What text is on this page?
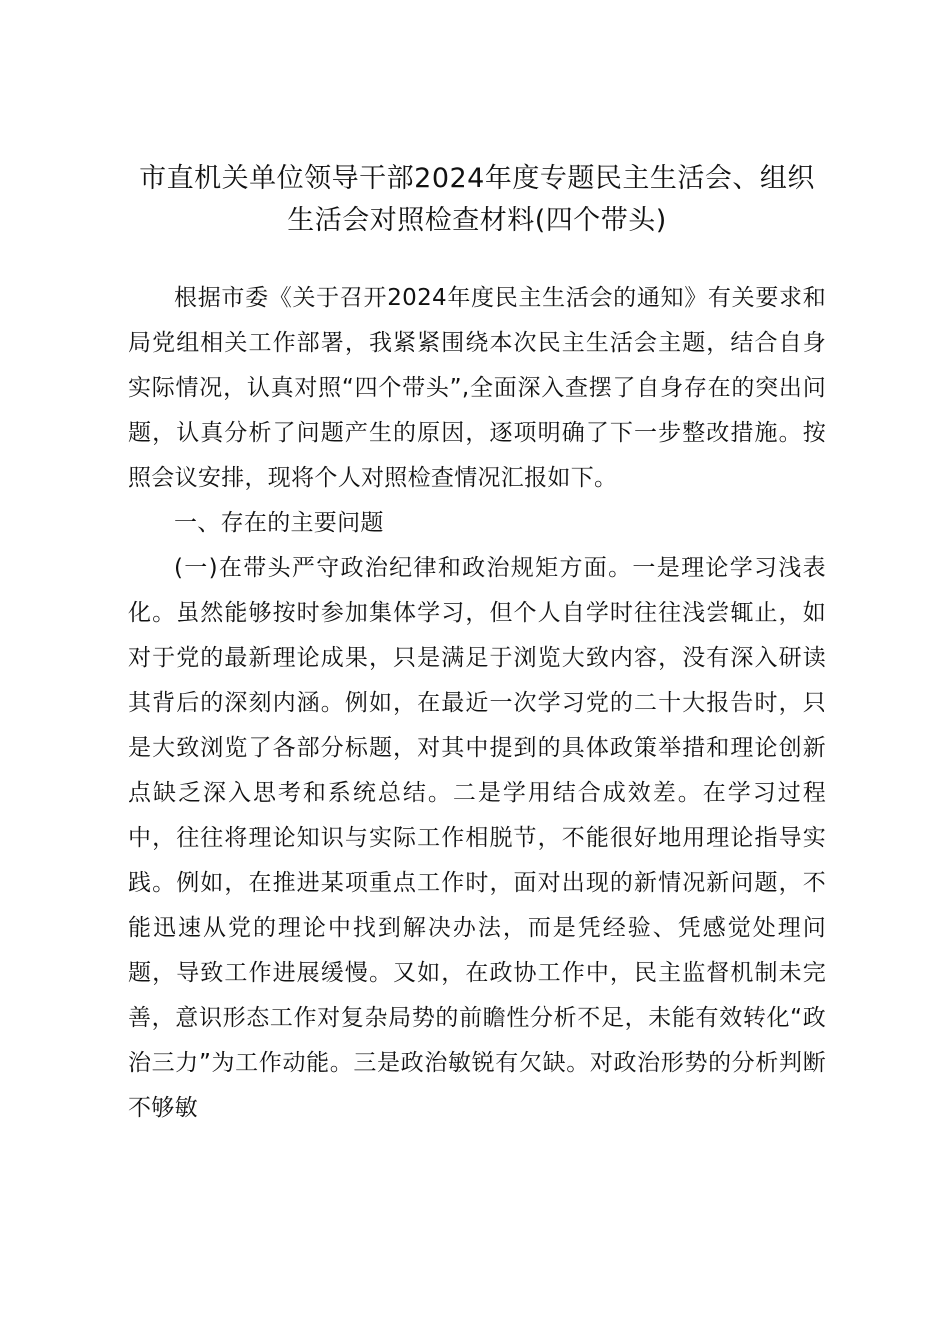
市直机关单位领导干部2024年度专题民主生活会、组织生活会对照检查材料(四个带头)

根据市委《关于召开2024年度民主生活会的通知》有关要求和局党组相关工作部署，我紧紧围绕本次民主生活会主题，结合自身实际情况，认真对照“四个带头”,全面深入查摆了自身存在的突出问题，认真分析了问题产生的原因，逐项明确了下一步整改措施。按照会议安排，现将个人对照检查情况汇报如下。

一、存在的主要问题

(一)在带头严守政治纪律和政治规矩方面。一是理论学习浅表化。虽然能够按时参加集体学习，但个人自学时往往浅尝辄止，如对于党的最新理论成果，只是满足于浏览大致内容，没有深入研读其背后的深刻内涵。例如，在最近一次学习党的二十大报告时，只是大致浏览了各部分标题，对其中提到的具体政策举措和理论创新点缺乏深入思考和系统总结。二是学用结合成效差。在学习过程中，往往将理论知识与实际工作相脱节，不能很好地用理论指导实践。例如，在推进某项重点工作时，面对出现的新情况新问题，不能迅速从党的理论中找到解决办法，而是凭经验、凭感觉处理问题，导致工作进展缓慢。又如，在政协工作中，民主监督机制未完善，意识形态工作对复杂局势的前瞻性分析不足，未能有效转化“政治三力”为工作动能。三是政治敏锐有欠缺。对政治形势的分析判断不够敏
